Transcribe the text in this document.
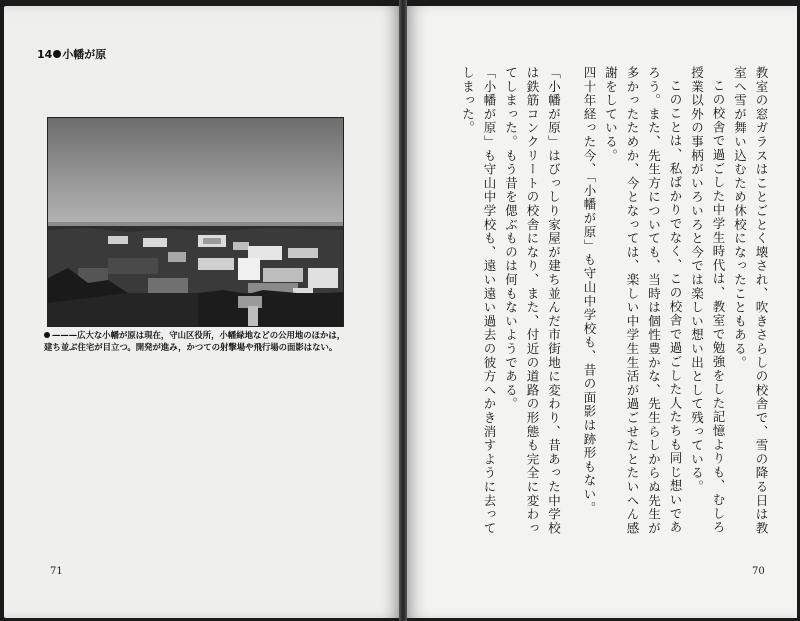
14 小幡が原

———広大な小幡が原は現在，守山区役所，小幡緑地などの公用地のほかは，

建ち並ぶ住宅が目立つ。開発が進み，かつての射撃場や飛行場の面影はない。

71	70

教室の窓ガラスはことごとく壊され、吹きさらしの校舎で、雪の降る日は教室へ雪が舞い込むため休校になったこともある。

この校舎で過ごした中学生時代は、教室で勉強をした記憶よりも、むしろ授業以外の事柄がいろいろと今では楽しい想い出として残っている。

このことは、私ばかりでなく、この校舎で過ごした人たちも同じ想いであろう。また、先生方についても、当時は個性豊かな、先生らしからぬ先生が多かったためか、今となっては、楽しい中学生生活が過ごせたとたいへん感謝をしている。

四十年経った今、「小幡が原」も守山中学校も、昔の面影は跡形もない。

「小幡が原」はびっしり家屋が建ち並んだ市街地に変わり、昔あった中学校は鉄筋コンクリートの校舎になり、また、付近の道路の形態も完全に変わってしまった。もう昔を偲ぶものは何もないようである。

「小幡が原」も守山中学校も、遠い遠い過去の彼方へかき消すように去ってしまった。
